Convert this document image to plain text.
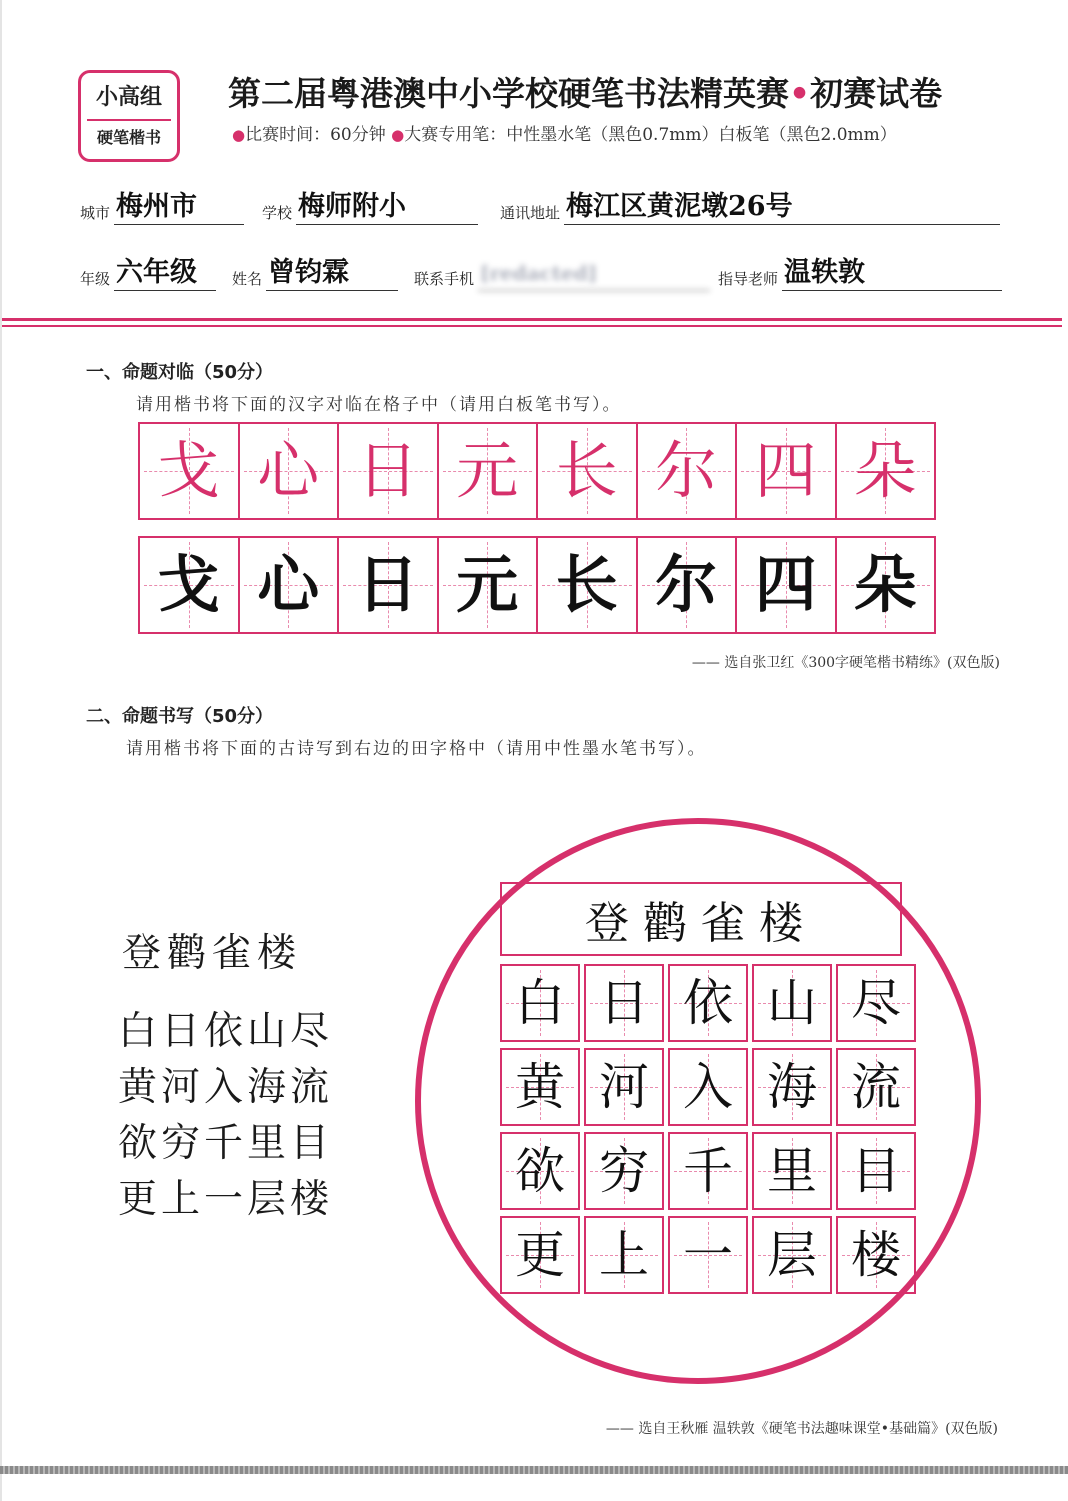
小高组
硬笔楷书
第二届粤港澳中小学校硬笔书法精英赛•初赛试卷
●比赛时间：60分钟 ●大赛专用笔：中性墨水笔（黑色0.7mm）白板笔（黑色2.0mm）
城市 梅州市	学校 梅师附小	通讯地址 梅江区黄泥墩26号
年级 六年级	姓名 曾钧霖	联系手机 [redacted]	指导老师 温轶敦
一、命题对临（50分）
请用楷书将下面的汉字对临在格子中（请用白板笔书写）。
戈 心 日 元 长 尔 四 朵
戈 心 日 元 长 尔 四 朵
—— 选自张卫红《300字硬笔楷书精练》(双色版)
二、命题书写（50分）
请用楷书将下面的古诗写到右边的田字格中（请用中性墨水笔书写）。
登鹳雀楼
白日依山尽
黄河入海流
欲穷千里目
更上一层楼
登鹳雀楼
白 日 依 山 尽
黄 河 入 海 流
欲 穷 千 里 目
更 上 一 层 楼
—— 选自王秋雁 温轶敦《硬笔书法趣味课堂•基础篇》(双色版)
